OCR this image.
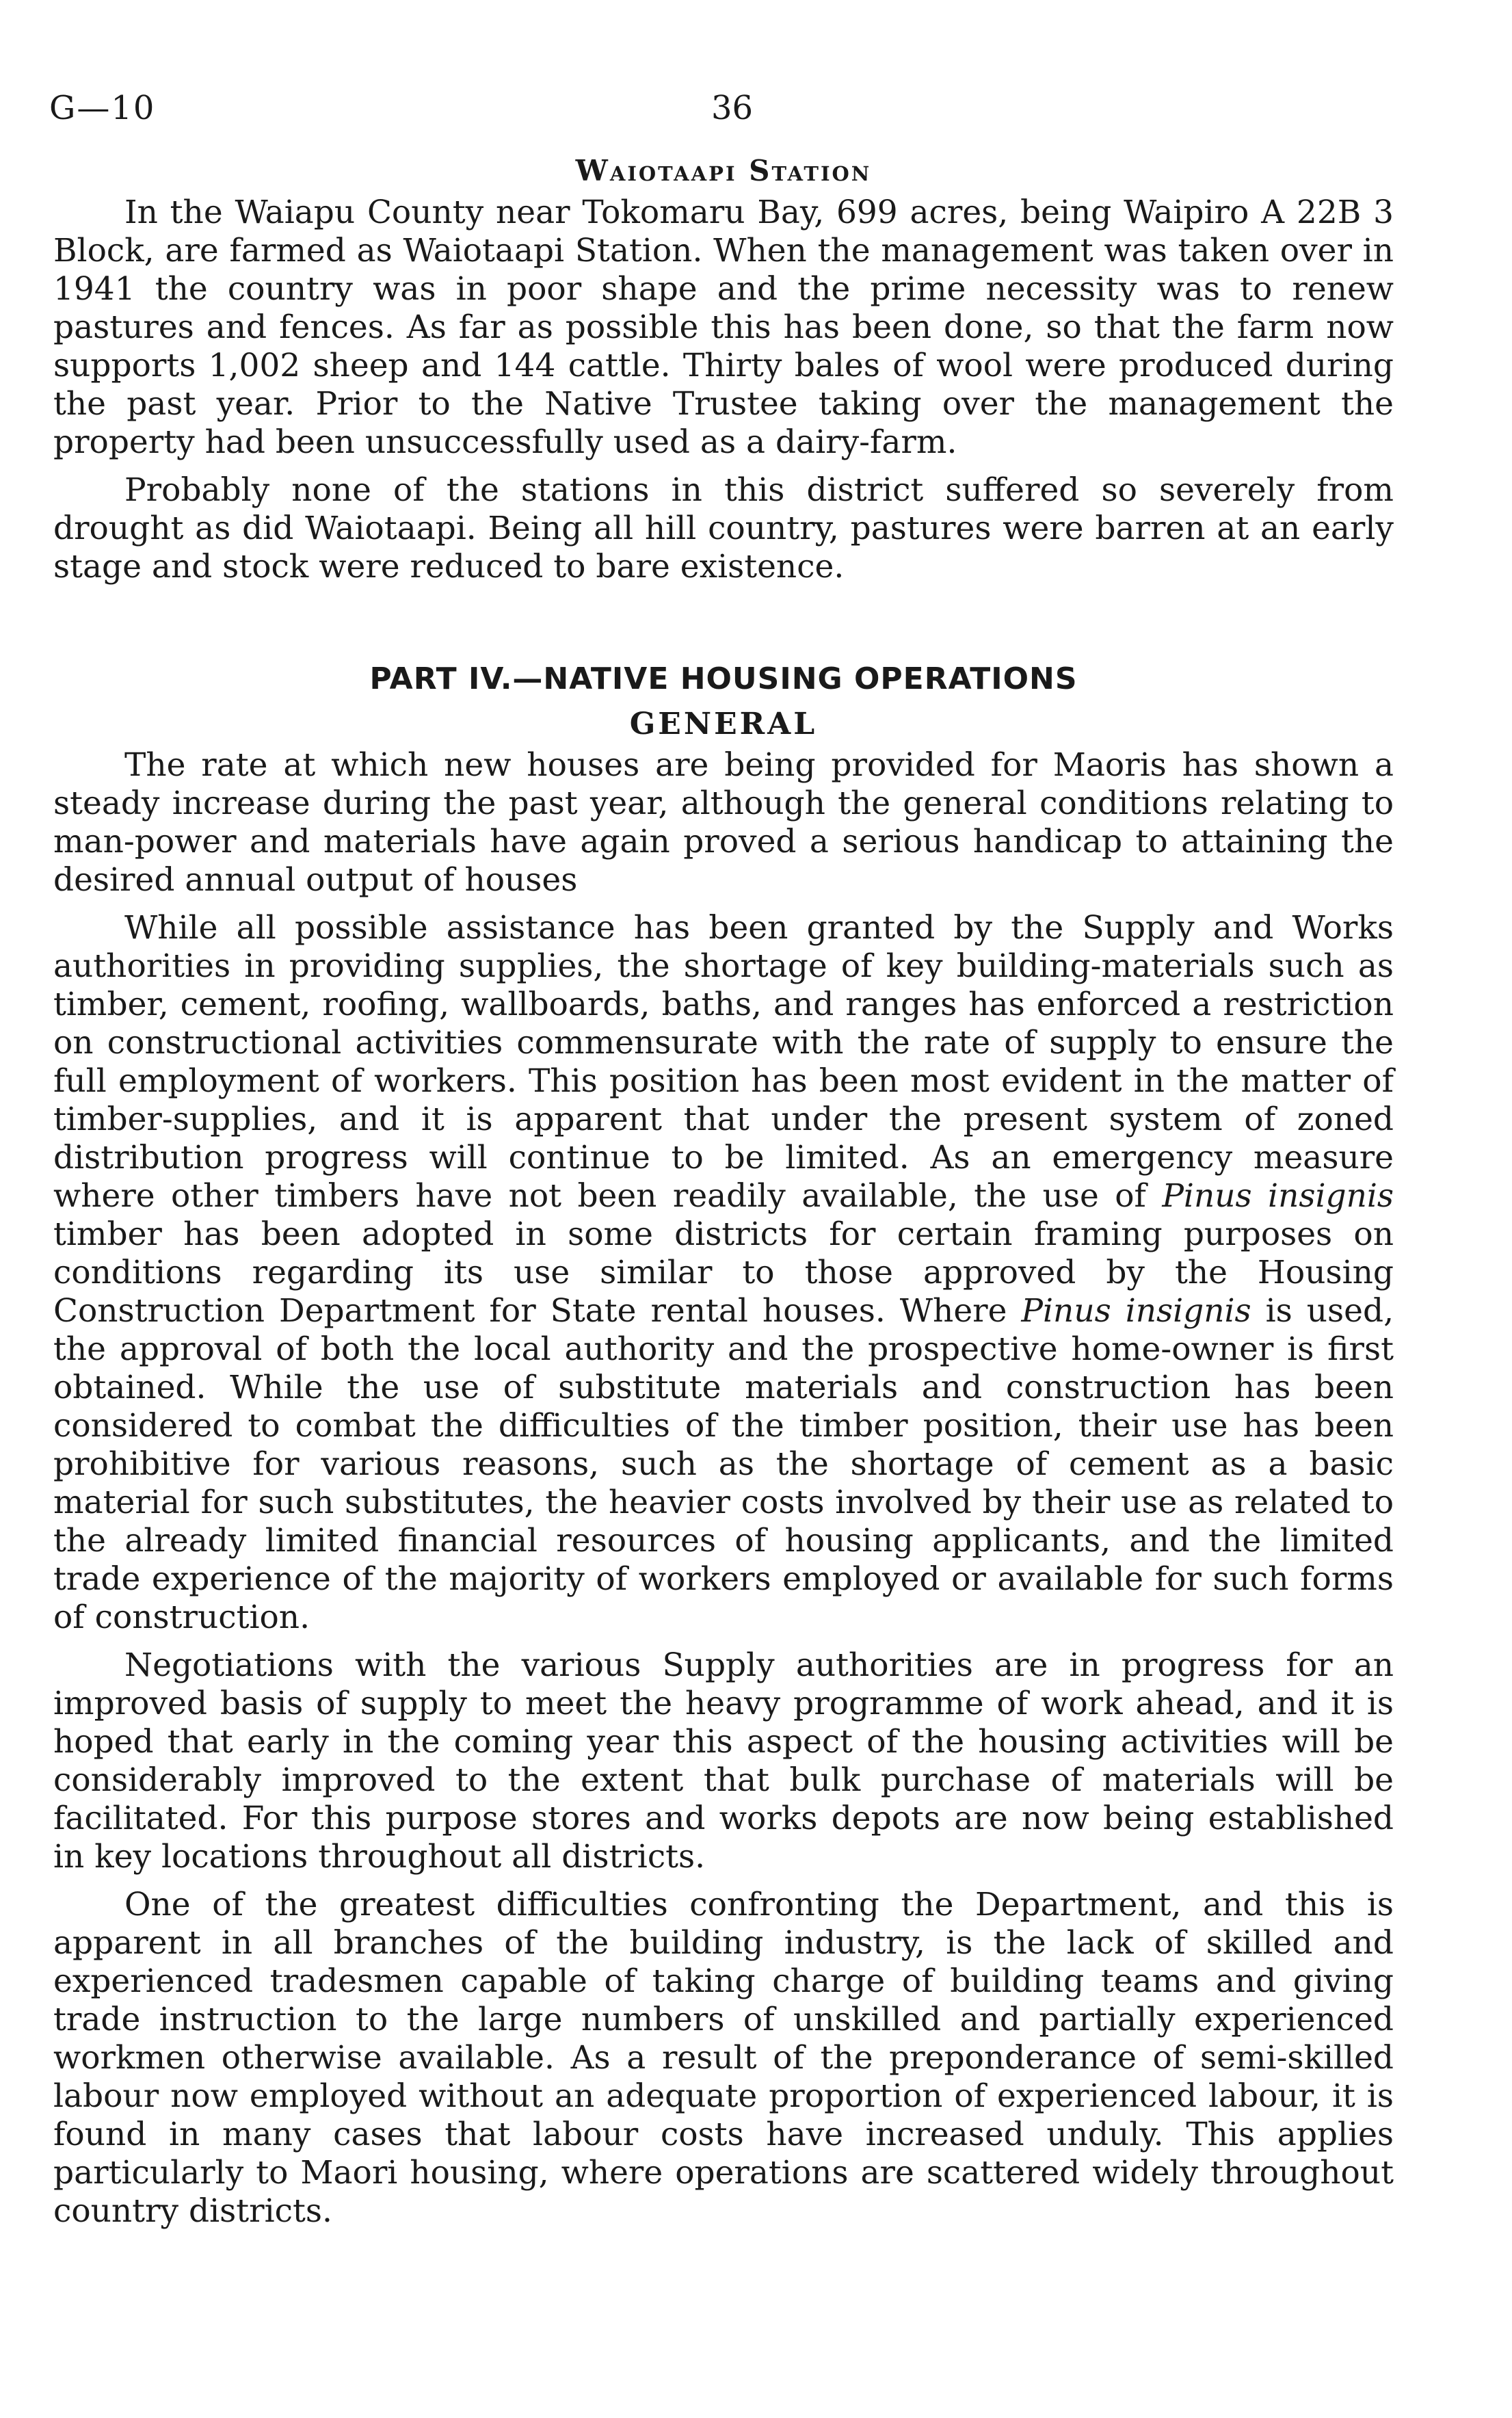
G—10	36
Waiotaapi Station

In the Waiapu County near Tokomaru Bay, 699 acres, being Waipiro A 22B 3 Block, are farmed as Waiotaapi Station. When the management was taken over in 1941 the country was in poor shape and the prime necessity was to renew pastures and fences. As far as possible this has been done, so that the farm now supports 1,002 sheep and 144 cattle. Thirty bales of wool were produced during the past year. Prior to the Native Trustee taking over the management the property had been unsuccessfully used as a dairy-farm.

Probably none of the stations in this district suffered so severely from drought as did Waiotaapi. Being all hill country, pastures were barren at an early stage and stock were reduced to bare existence.

PART IV.—NATIVE HOUSING OPERATIONS
GENERAL

The rate at which new houses are being provided for Maoris has shown a steady increase during the past year, although the general conditions relating to man-power and materials have again proved a serious handicap to attaining the desired annual output of houses

While all possible assistance has been granted by the Supply and Works authorities in providing supplies, the shortage of key building-materials such as timber, cement, roofing, wallboards, baths, and ranges has enforced a restriction on constructional activities commensurate with the rate of supply to ensure the full employment of workers. This position has been most evident in the matter of timber-supplies, and it is apparent that under the present system of zoned distribution progress will continue to be limited. As an emergency measure where other timbers have not been readily available, the use of Pinus insignis timber has been adopted in some districts for certain framing purposes on conditions regarding its use similar to those approved by the Housing Construction Department for State rental houses. Where Pinus insignis is used, the approval of both the local authority and the prospective home-owner is first obtained. While the use of substitute materials and construction has been considered to combat the difficulties of the timber position, their use has been prohibitive for various reasons, such as the shortage of cement as a basic material for such substitutes, the heavier costs involved by their use as related to the already limited financial resources of housing applicants, and the limited trade experience of the majority of workers employed or available for such forms of construction.

Negotiations with the various Supply authorities are in progress for an improved basis of supply to meet the heavy programme of work ahead, and it is hoped that early in the coming year this aspect of the housing activities will be considerably improved to the extent that bulk purchase of materials will be facilitated. For this purpose stores and works depots are now being established in key locations throughout all districts.

One of the greatest difficulties confronting the Department, and this is apparent in all branches of the building industry, is the lack of skilled and experienced tradesmen capable of taking charge of building teams and giving trade instruction to the large numbers of unskilled and partially experienced workmen otherwise available. As a result of the preponderance of semi-skilled labour now employed without an adequate proportion of experienced labour, it is found in many cases that labour costs have increased unduly. This applies particularly to Maori housing, where operations are scattered widely throughout country districts.
